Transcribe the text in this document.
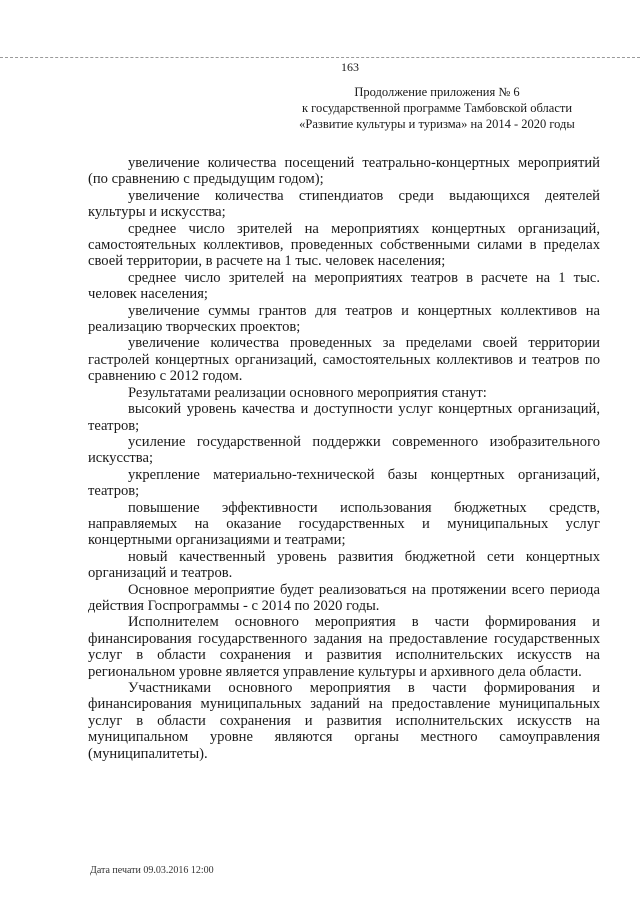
163
Продолжение приложения № 6
к государственной программе Тамбовской области
«Развитие культуры и туризма» на 2014 - 2020 годы

увеличение количества посещений театрально-концертных мероприятий (по сравнению с предыдущим годом);

увеличение количества стипендиатов среди выдающихся деятелей культуры и искусства;

среднее число зрителей на мероприятиях концертных организаций, самостоятельных коллективов, проведенных собственными силами в пределах своей территории, в расчете на 1 тыс. человек населения;

среднее число зрителей на мероприятиях театров в расчете на 1 тыс. человек населения;

увеличение суммы грантов для театров и концертных коллективов на реализацию творческих проектов;

увеличение количества проведенных за пределами своей территории гастролей концертных организаций, самостоятельных коллективов и театров по сравнению с 2012 годом.

Результатами реализации основного мероприятия станут:

высокий уровень качества и доступности услуг концертных организаций, театров;

усиление государственной поддержки современного изобразительного искусства;

укрепление материально-технической базы концертных организаций, театров;

повышение эффективности использования бюджетных средств, направляемых на оказание государственных и муниципальных услуг концертными организациями и театрами;

новый качественный уровень развития бюджетной сети концертных организаций и театров.

Основное мероприятие будет реализоваться на протяжении всего периода действия Госпрограммы - с 2014 по 2020 годы.

Исполнителем основного мероприятия в части формирования и финансирования государственного задания на предоставление государственных услуг в области сохранения и развития исполнительских искусств на региональном уровне является управление культуры и архивного дела области.

Участниками основного мероприятия в части формирования и финансирования муниципальных заданий на предоставление муниципальных услуг в области сохранения и развития исполнительских искусств на муниципальном уровне являются органы местного самоуправления (муниципалитеты).

Дата печати 09.03.2016 12:00
